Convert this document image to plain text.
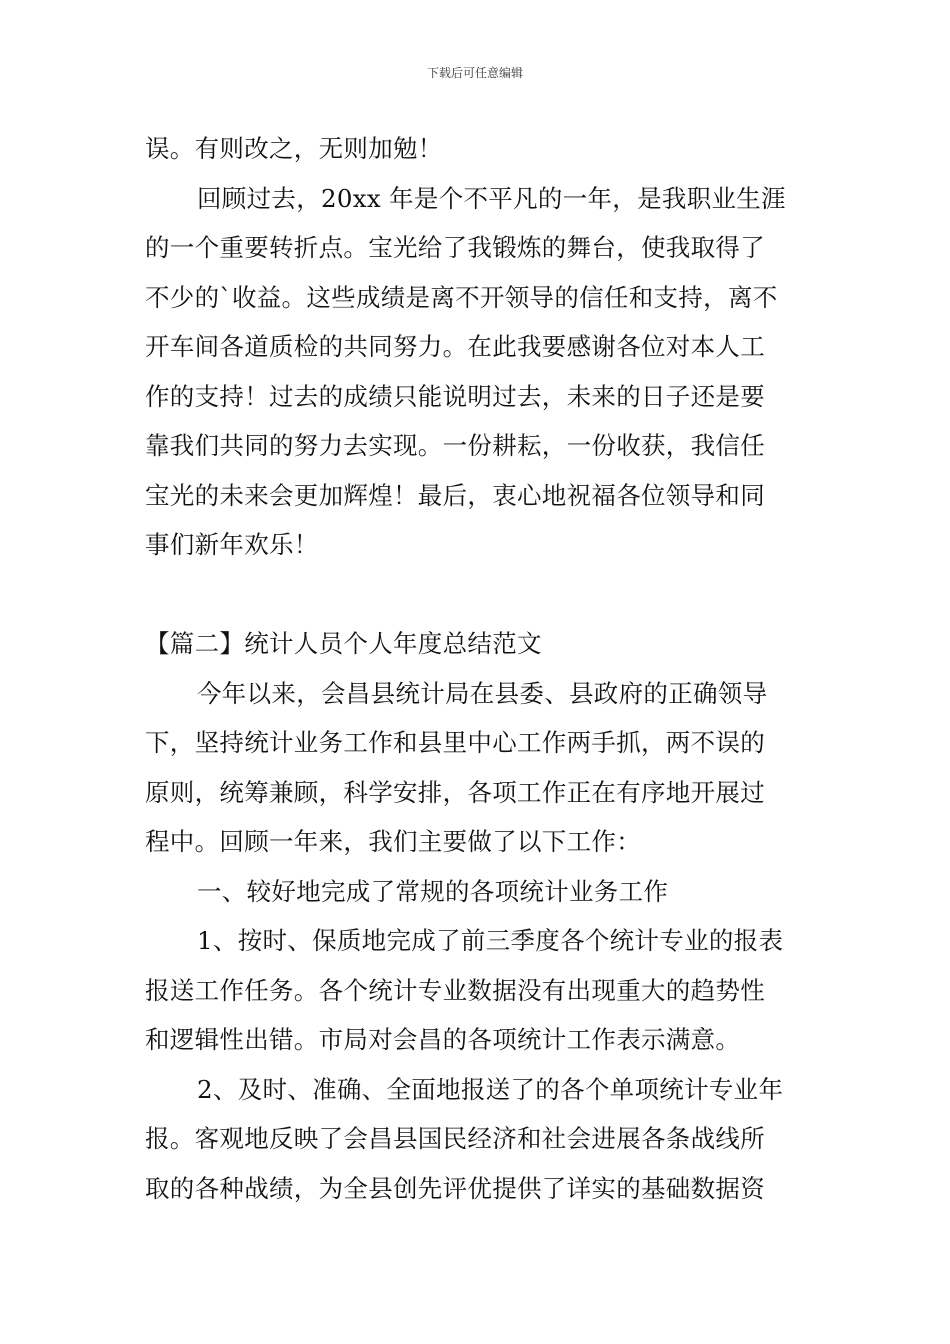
下载后可任意编辑
误。有则改之，无则加勉！
回顾过去，20xx 年是个不平凡的一年，是我职业生涯
的一个重要转折点。宝光给了我锻炼的舞台，使我取得了
不少的`收益。这些成绩是离不开领导的信任和支持，离不
开车间各道质检的共同努力。在此我要感谢各位对本人工
作的支持！过去的成绩只能说明过去，未来的日子还是要
靠我们共同的努力去实现。一份耕耘，一份收获，我信任
宝光的未来会更加辉煌！最后，衷心地祝福各位领导和同
事们新年欢乐！
【篇二】统计人员个人年度总结范文
今年以来，会昌县统计局在县委、县政府的正确领导
下，坚持统计业务工作和县里中心工作两手抓，两不误的
原则，统筹兼顾，科学安排，各项工作正在有序地开展过
程中。回顾一年来，我们主要做了以下工作：
一、较好地完成了常规的各项统计业务工作
1、按时、保质地完成了前三季度各个统计专业的报表
报送工作任务。各个统计专业数据没有出现重大的趋势性
和逻辑性出错。市局对会昌的各项统计工作表示满意。
2、及时、准确、全面地报送了的各个单项统计专业年
报。客观地反映了会昌县国民经济和社会进展各条战线所
取的各种战绩，为全县创先评优提供了详实的基础数据资
